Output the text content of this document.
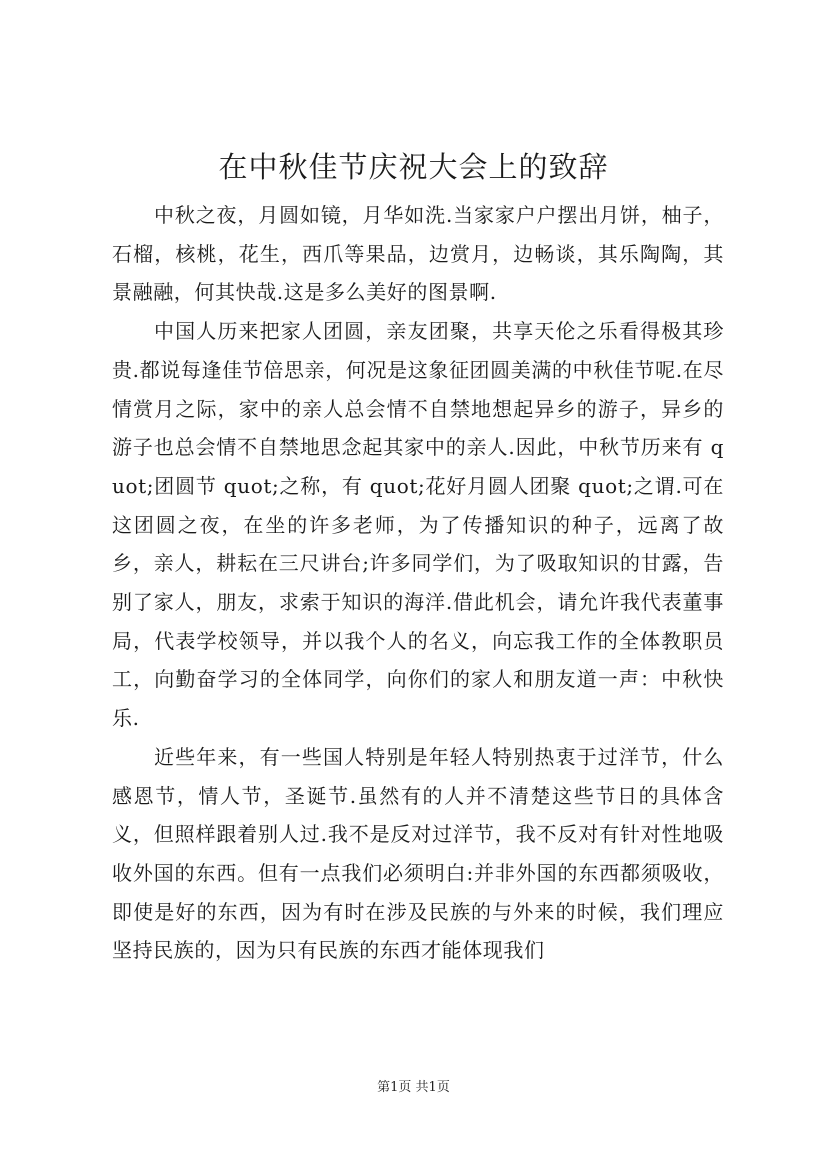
在中秋佳节庆祝大会上的致辞

中秋之夜，月圆如镜，月华如洗.当家家户户摆出月饼，柚子，石榴，核桃，花生，西爪等果品，边赏月，边畅谈，其乐陶陶，其景融融，何其快哉.这是多么美好的图景啊.

中国人历来把家人团圆，亲友团聚，共享天伦之乐看得极其珍贵.都说每逢佳节倍思亲，何况是这象征团圆美满的中秋佳节呢.在尽情赏月之际，家中的亲人总会情不自禁地想起异乡的游子，异乡的游子也总会情不自禁地思念起其家中的亲人.因此，中秋节历来有 quot;团圆节 quot;之称，有 quot;花好月圆人团聚 quot;之谓.可在这团圆之夜，在坐的许多老师，为了传播知识的种子，远离了故乡，亲人，耕耘在三尺讲台;许多同学们，为了吸取知识的甘露，告别了家人，朋友，求索于知识的海洋.借此机会，请允许我代表董事局，代表学校领导，并以我个人的名义，向忘我工作的全体教职员工，向勤奋学习的全体同学，向你们的家人和朋友道一声：中秋快乐.

近些年来，有一些国人特别是年轻人特别热衷于过洋节，什么感恩节，情人节，圣诞节.虽然有的人并不清楚这些节日的具体含义，但照样跟着别人过.我不是反对过洋节，我不反对有针对性地吸收外国的东西。但有一点我们必须明白:并非外国的东西都须吸收，即使是好的东西，因为有时在涉及民族的与外来的时候，我们理应坚持民族的，因为只有民族的东西才能体现我们

第1页 共1页
